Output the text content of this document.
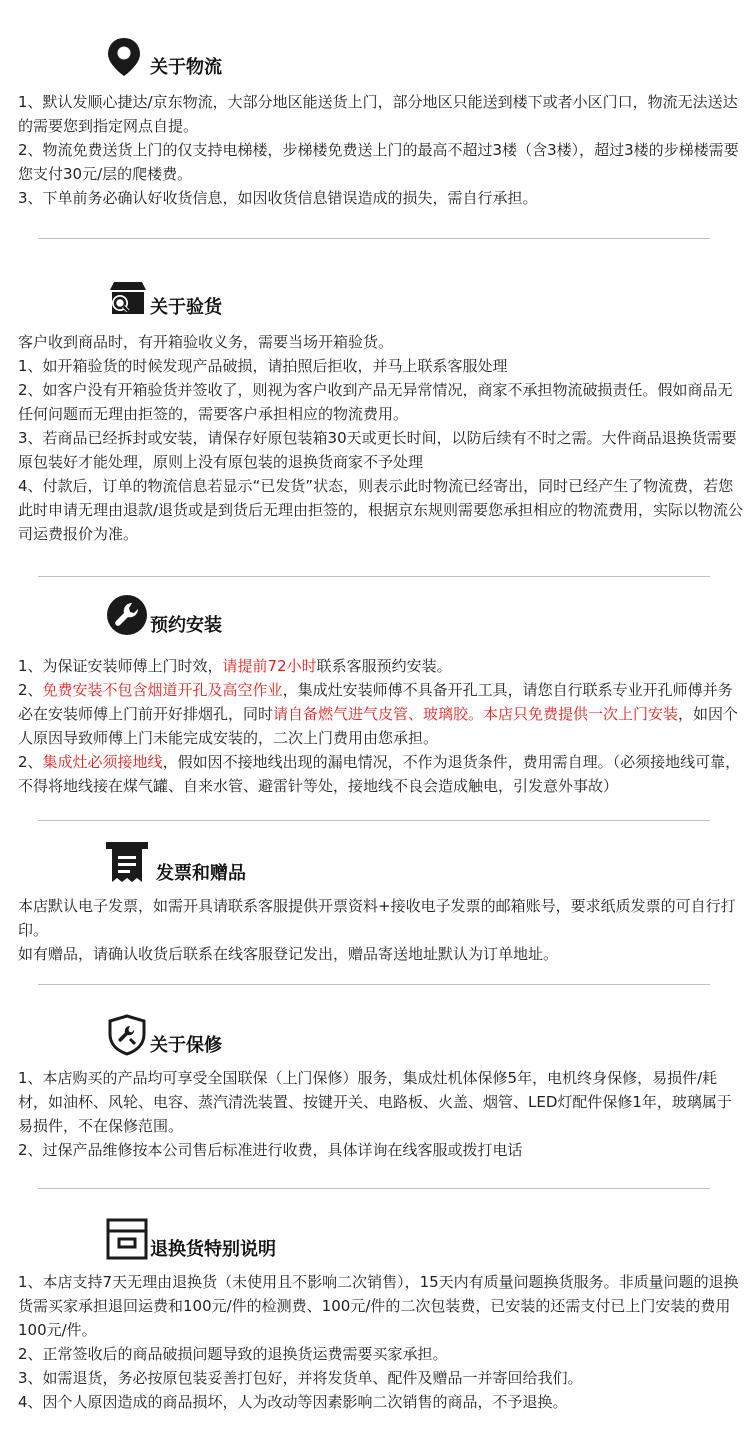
关于物流

1、默认发顺心捷达/京东物流，大部分地区能送货上门，部分地区只能送到楼下或者小区门口，物流无法送达的需要您到指定网点自提。

2、物流免费送货上门的仅支持电梯楼，步梯楼免费送上门的最高不超过3楼（含3楼），超过3楼的步梯楼需要您支付30元/层的爬楼费。

3、下单前务必确认好收货信息，如因收货信息错误造成的损失，需自行承担。

关于验货

客户收到商品时，有开箱验收义务，需要当场开箱验货。

1、如开箱验货的时候发现产品破损，请拍照后拒收，并马上联系客服处理

2、如客户没有开箱验货并签收了，则视为客户收到产品无异常情况，商家不承担物流破损责任。假如商品无任何问题而无理由拒签的，需要客户承担相应的物流费用。

3、若商品已经拆封或安装，请保存好原包装箱30天或更长时间，以防后续有不时之需。大件商品退换货需要原包装好才能处理，原则上没有原包装的退换货商家不予处理

4、付款后，订单的物流信息若显示“已发货”状态，则表示此时物流已经寄出，同时已经产生了物流费，若您此时申请无理由退款/退货或是到货后无理由拒签的，根据京东规则需要您承担相应的物流费用，实际以物流公司运费报价为准。

预约安装

1、为保证安装师傅上门时效，请提前72小时联系客服预约安装。

2、免费安装不包含烟道开孔及高空作业，集成灶安装师傅不具备开孔工具，请您自行联系专业开孔师傅并务必在安装师傅上门前开好排烟孔，同时请自备燃气进气皮管、玻璃胶。本店只免费提供一次上门安装，如因个人原因导致师傅上门未能完成安装的，二次上门费用由您承担。

2、集成灶必须接地线，假如因不接地线出现的漏电情况，不作为退货条件，费用需自理。（必须接地线可靠，不得将地线接在煤气罐、自来水管、避雷针等处，接地线不良会造成触电，引发意外事故）

发票和赠品

本店默认电子发票，如需开具请联系客服提供开票资料+接收电子发票的邮箱账号，要求纸质发票的可自行打印。

如有赠品，请确认收货后联系在线客服登记发出，赠品寄送地址默认为订单地址。

关于保修

1、本店购买的产品均可享受全国联保（上门保修）服务，集成灶机体保修5年，电机终身保修，易损件/耗材，如油杯、风轮、电容、蒸汽清洗装置、按键开关、电路板、火盖、烟管、LED灯配件保修1年，玻璃属于易损件，不在保修范围。

2、过保产品维修按本公司售后标准进行收费，具体详询在线客服或拨打电话

退换货特别说明

1、本店支持7天无理由退换货（未使用且不影响二次销售），15天内有质量问题换货服务。非质量问题的退换货需买家承担退回运费和100元/件的检测费、100元/件的二次包装费，已安装的还需支付已上门安装的费用100元/件。

2、正常签收后的商品破损问题导致的退换货运费需要买家承担。

3、如需退货，务必按原包装妥善打包好，并将发货单、配件及赠品一并寄回给我们。

4、因个人原因造成的商品损坏，人为改动等因素影响二次销售的商品，不予退换。
